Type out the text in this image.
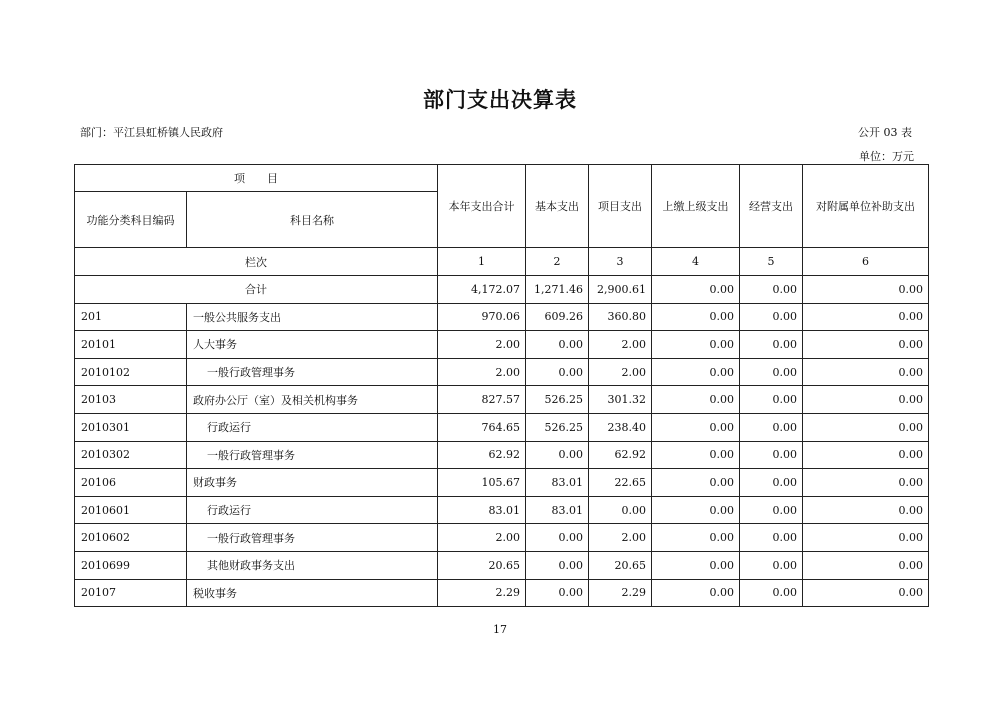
部门支出决算表
部门：平江县虹桥镇人民政府	公开 03 表
单位：万元
项　　目		本年支出合计	基本支出	项目支出	上缴上级支出	经营支出	对附属单位补助支出
功能分类科目编码	科目名称						
栏次		1	2	3	4	5	6
合计		4,172.07	1,271.46	2,900.61	0.00	0.00	0.00
201	一般公共服务支出	970.06	609.26	360.80	0.00	0.00	0.00
20101	人大事务	2.00	0.00	2.00	0.00	0.00	0.00
2010102	一般行政管理事务	2.00	0.00	2.00	0.00	0.00	0.00
20103	政府办公厅（室）及相关机构事务	827.57	526.25	301.32	0.00	0.00	0.00
2010301	行政运行	764.65	526.25	238.40	0.00	0.00	0.00
2010302	一般行政管理事务	62.92	0.00	62.92	0.00	0.00	0.00
20106	财政事务	105.67	83.01	22.65	0.00	0.00	0.00
2010601	行政运行	83.01	83.01	0.00	0.00	0.00	0.00
2010602	一般行政管理事务	2.00	0.00	2.00	0.00	0.00	0.00
2010699	其他财政事务支出	20.65	0.00	20.65	0.00	0.00	0.00
20107	税收事务	2.29	0.00	2.29	0.00	0.00	0.00
17
